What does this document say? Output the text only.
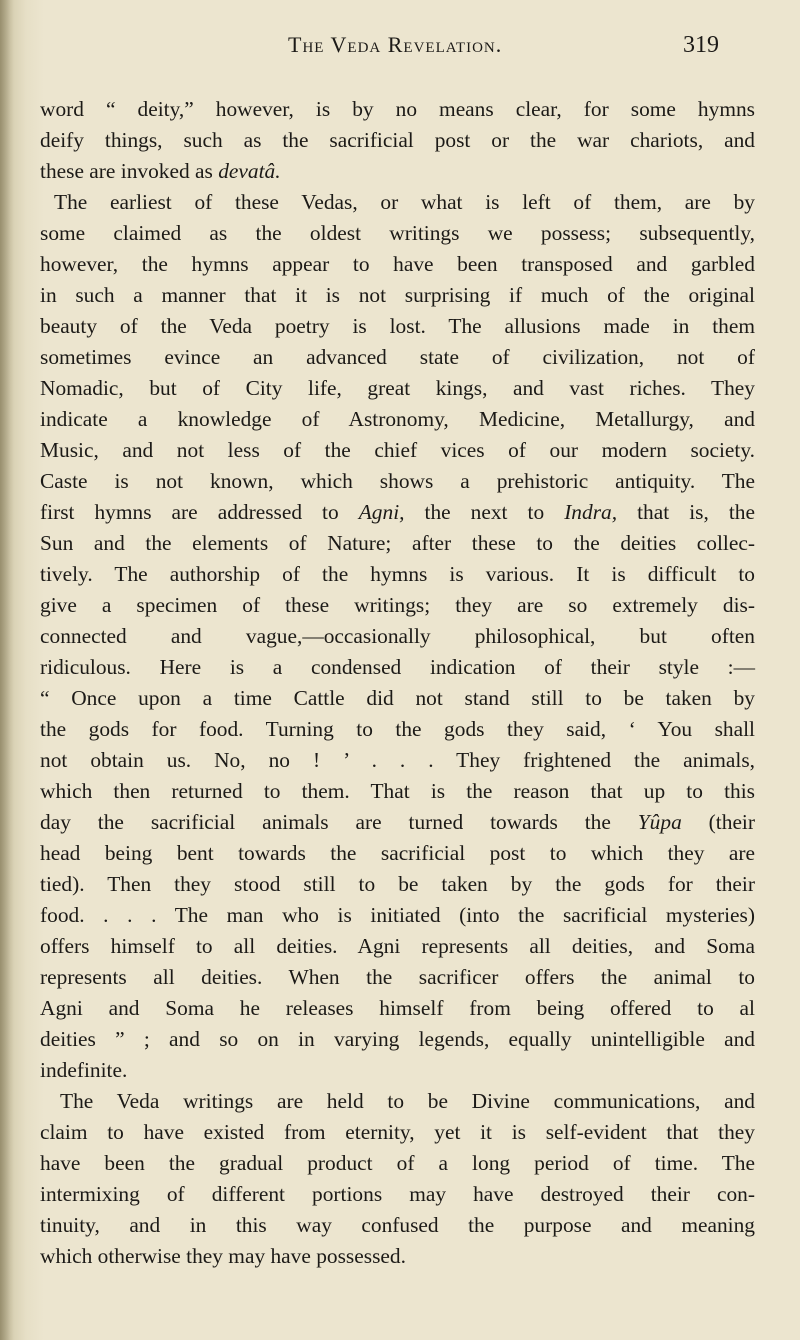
The Veda Revelation.	319
word “ deity,” however, is by no means clear, for some hymns
deify things, such as the sacrificial post or the war chariots, and
these are invoked as devatâ.
The earliest of these Vedas, or what is left of them, are by
some claimed as the oldest writings we possess; subsequently,
however, the hymns appear to have been transposed and garbled
in such a manner that it is not surprising if much of the original
beauty of the Veda poetry is lost. The allusions made in them
sometimes evince an advanced state of civilization, not of
Nomadic, but of City life, great kings, and vast riches. They
indicate a knowledge of Astronomy, Medicine, Metallurgy, and
Music, and not less of the chief vices of our modern society.
Caste is not known, which shows a prehistoric antiquity. The
first hymns are addressed to Agni, the next to Indra, that is, the
Sun and the elements of Nature; after these to the deities collec-
tively. The authorship of the hymns is various. It is difficult to
give a specimen of these writings; they are so extremely dis-
connected and vague,—occasionally philosophical, but often
ridiculous. Here is a condensed indication of their style :—
“ Once upon a time Cattle did not stand still to be taken by
the gods for food. Turning to the gods they said, ‘ You shall
not obtain us. No, no ! ’ . . . They frightened the animals,
which then returned to them. That is the reason that up to this
day the sacrificial animals are turned towards the Yûpa (their
head being bent towards the sacrificial post to which they are
tied). Then they stood still to be taken by the gods for their
food. . . . The man who is initiated (into the sacrificial mysteries)
offers himself to all deities. Agni represents all deities, and Soma
represents all deities. When the sacrificer offers the animal to
Agni and Soma he releases himself from being offered to al
deities ” ; and so on in varying legends, equally unintelligible and
indefinite.
The Veda writings are held to be Divine communications, and
claim to have existed from eternity, yet it is self-evident that they
have been the gradual product of a long period of time. The
intermixing of different portions may have destroyed their con-
tinuity, and in this way confused the purpose and meaning
which otherwise they may have possessed.
